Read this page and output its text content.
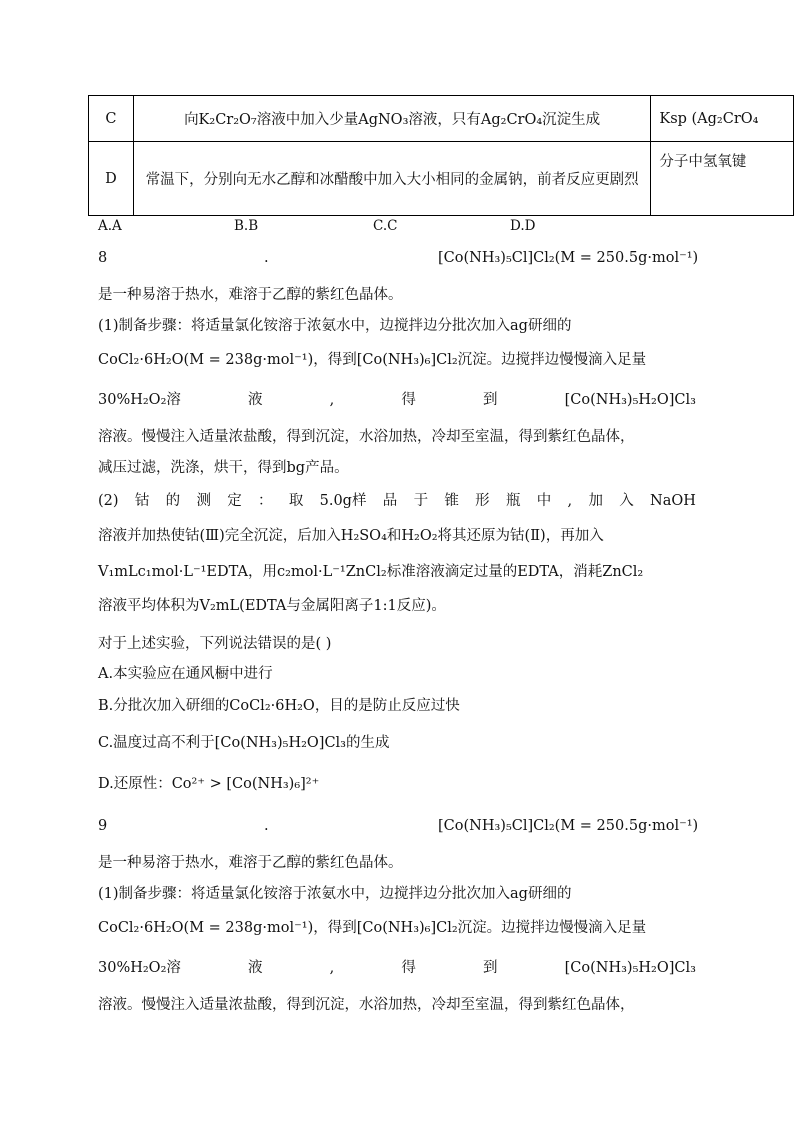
C	向K₂Cr₂O₇溶液中加入少量AgNO₃溶液，只有Ag₂CrO₄沉淀生成	Ksp (Ag₂CrO₄
D	常温下，分别向无水乙醇和冰醋酸中加入大小相同的金属钠，前者反应更剧烈	分子中氢氧键
A.A	B.B	C.C	D.D
8	.	[Co(NH₃)₅Cl]Cl₂(M = 250.5g·mol⁻¹)
是一种易溶于热水，难溶于乙醇的紫红色晶体。
(1)制备步骤：将适量氯化铵溶于浓氨水中，边搅拌边分批次加入ag研细的
CoCl₂·6H₂O(M = 238g·mol⁻¹)，得到[Co(NH₃)₆]Cl₂沉淀。边搅拌边慢慢滴入足量
30%H₂O₂溶	液	,	得	到	[Co(NH₃)₅H₂O]Cl₃
溶液。慢慢注入适量浓盐酸，得到沉淀，水浴加热，冷却至室温，得到紫红色晶体，
减压过滤，洗涤，烘干，得到bg产品。
(2) 钴 的 测 定 ： 取 5.0g样 品 于 锥 形 瓶 中 , 加 入 NaOH
溶液并加热使钴(Ⅲ)完全沉淀，后加入H₂SO₄和H₂O₂将其还原为钴(Ⅱ)，再加入
V₁mLc₁mol·L⁻¹EDTA，用c₂mol·L⁻¹ZnCl₂标准溶液滴定过量的EDTA，消耗ZnCl₂
溶液平均体积为V₂mL(EDTA与金属阳离子1:1反应)。
对于上述实验，下列说法错误的是( )
A.本实验应在通风橱中进行
B.分批次加入研细的CoCl₂·6H₂O，目的是防止反应过快
C.温度过高不利于[Co(NH₃)₅H₂O]Cl₃的生成
D.还原性：Co²⁺ > [Co(NH₃)₆]²⁺
9	.	[Co(NH₃)₅Cl]Cl₂(M = 250.5g·mol⁻¹)
是一种易溶于热水，难溶于乙醇的紫红色晶体。
(1)制备步骤：将适量氯化铵溶于浓氨水中，边搅拌边分批次加入ag研细的
CoCl₂·6H₂O(M = 238g·mol⁻¹)，得到[Co(NH₃)₆]Cl₂沉淀。边搅拌边慢慢滴入足量
30%H₂O₂溶	液	,	得	到	[Co(NH₃)₅H₂O]Cl₃
溶液。慢慢注入适量浓盐酸，得到沉淀，水浴加热，冷却至室温，得到紫红色晶体，
